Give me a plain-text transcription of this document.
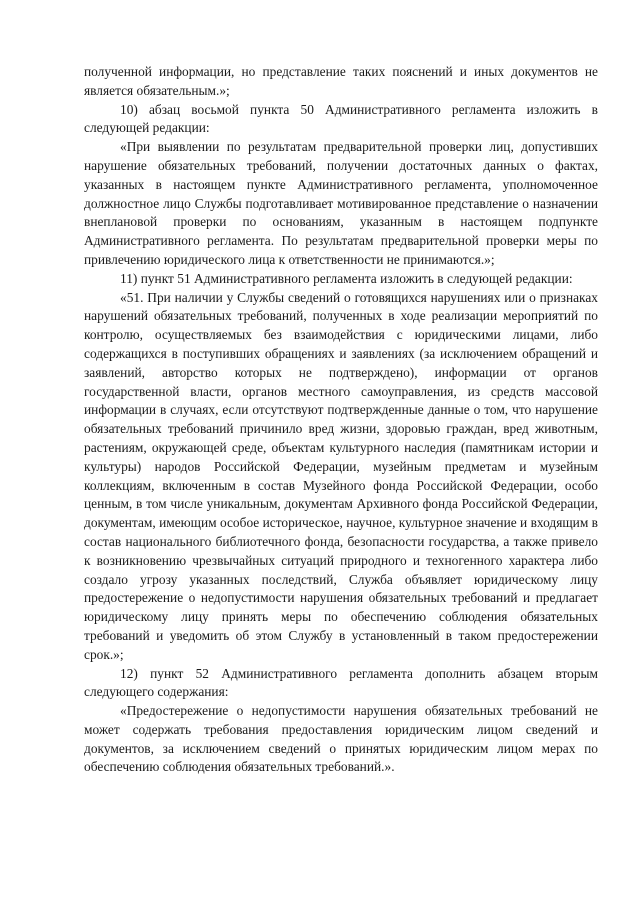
полученной информации, но представление таких пояснений и иных документов не является обязательным.»;

10) абзац восьмой пункта 50 Административного регламента изложить в следующей редакции:

«При выявлении по результатам предварительной проверки лиц, допустивших нарушение обязательных требований, получении достаточных данных о фактах, указанных в настоящем пункте Административного регламента, уполномоченное должностное лицо Службы подготавливает мотивированное представление о назначении внеплановой проверки по основаниям, указанным в настоящем подпункте Административного регламента. По результатам предварительной проверки меры по привлечению юридического лица к ответственности не принимаются.»;

11) пункт 51 Административного регламента изложить в следующей редакции:

«51. При наличии у Службы сведений о готовящихся нарушениях или о признаках нарушений обязательных требований, полученных в ходе реализации мероприятий по контролю, осуществляемых без взаимодействия с юридическими лицами, либо содержащихся в поступивших обращениях и заявлениях (за исключением обращений и заявлений, авторство которых не подтверждено), информации от органов государственной власти, органов местного самоуправления, из средств массовой информации в случаях, если отсутствуют подтвержденные данные о том, что нарушение обязательных требований причинило вред жизни, здоровью граждан, вред животным, растениям, окружающей среде, объектам культурного наследия (памятникам истории и культуры) народов Российской Федерации, музейным предметам и музейным коллекциям, включенным в состав Музейного фонда Российской Федерации, особо ценным, в том числе уникальным, документам Архивного фонда Российской Федерации, документам, имеющим особое историческое, научное, культурное значение и входящим в состав национального библиотечного фонда, безопасности государства, а также привело к возникновению чрезвычайных ситуаций природного и техногенного характера либо создало угрозу указанных последствий, Служба объявляет юридическому лицу предостережение о недопустимости нарушения обязательных требований и предлагает юридическому лицу принять меры по обеспечению соблюдения обязательных требований и уведомить об этом Службу в установленный в таком предостережении срок.»;

12) пункт 52 Административного регламента дополнить абзацем вторым следующего содержания:

«Предостережение о недопустимости нарушения обязательных требований не может содержать требования предоставления юридическим лицом сведений и документов, за исключением сведений о принятых юридическим лицом мерах по обеспечению соблюдения обязательных требований.».
